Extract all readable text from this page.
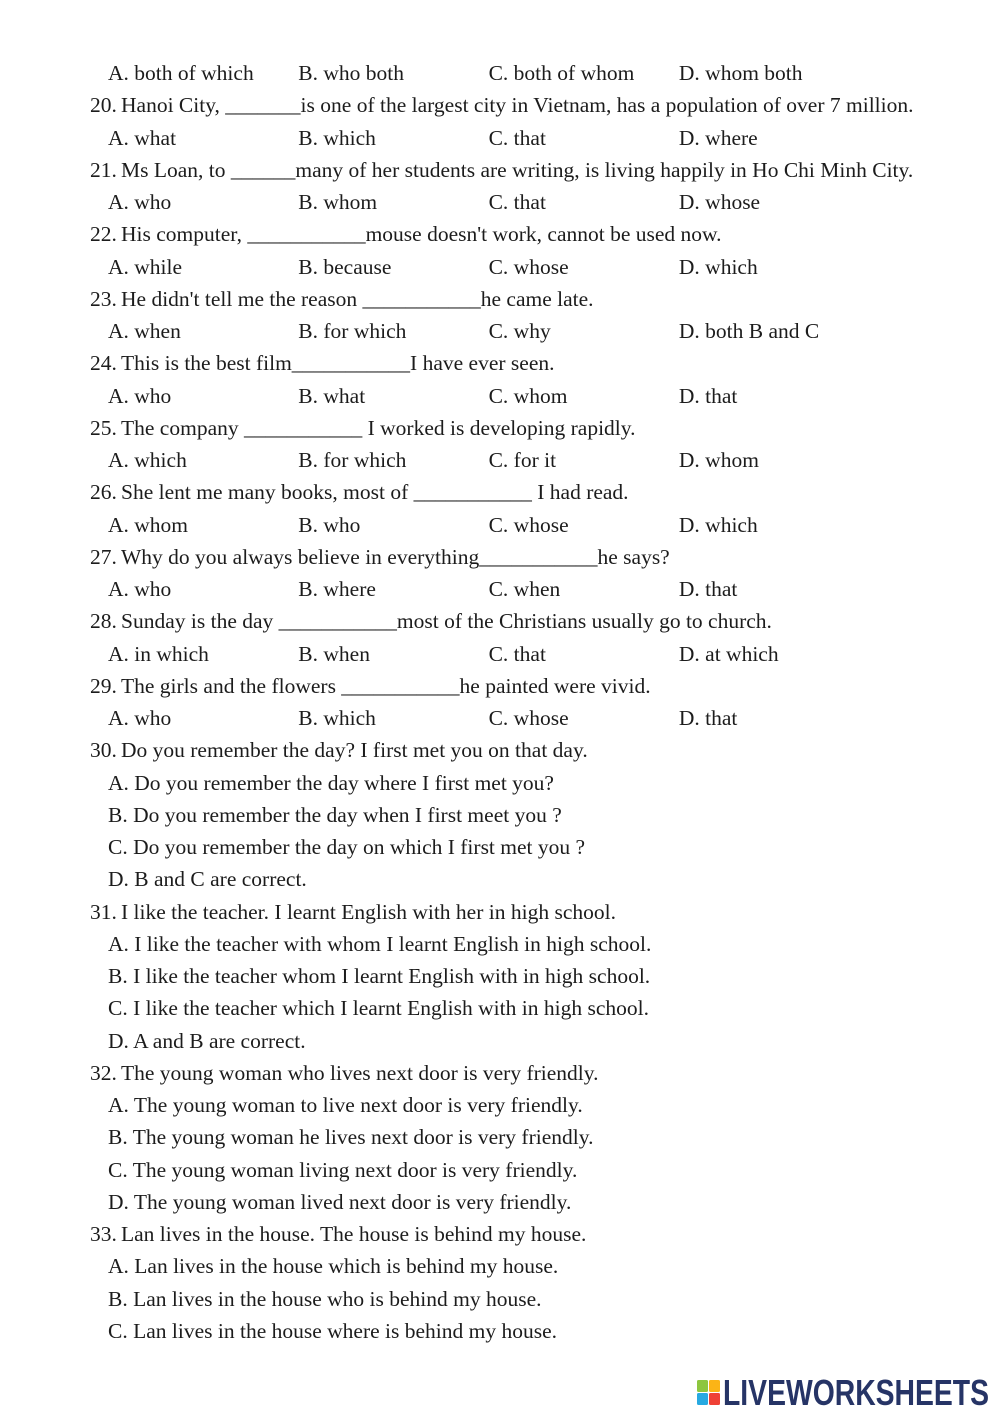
A. both of which	B. who both	C. both of whom	D. whom both
20. Hanoi City, _______is one of the largest city in Vietnam, has a population of over 7 million.
A. what	B. which	C. that	D. where
21. Ms Loan, to ______many of her students are writing, is living happily in Ho Chi Minh City.
A. who	B. whom	C. that	D. whose
22. His computer, ___________mouse doesn't work, cannot be used now.
A. while	B. because	C. whose	D. which
23. He didn't tell me the reason ___________he came late.
A. when	B. for which	C. why	D. both B and C
24. This is the best film___________I have ever seen.
A. who	B. what	C. whom	D. that
25. The company ___________ I worked is developing rapidly.
A. which	B. for which	C. for it	D. whom
26. She lent me many books, most of ___________ I had read.
A. whom	B. who	C. whose	D. which
27. Why do you always believe in everything___________he says?
A. who	B. where	C. when	D. that
28. Sunday is the day ___________most of the Christians usually go to church.
A. in which	B. when	C. that	D. at which
29. The girls and the flowers ___________he painted were vivid.
A. who	B. which	C. whose	D. that
30. Do you remember the day? I first met you on that day.
A. Do you remember the day where I first met you?
B. Do you remember the day when I first meet you ?
C. Do you remember the day on which I first met you ?
D. B and C are correct.
31. I like the teacher. I learnt English with her in high school.
A. I like the teacher with whom I learnt English in high school.
B. I like the teacher whom I learnt English with in high school.
C. I like the teacher which I learnt English with in high school.
D. A and B are correct.
32. The young woman who lives next door is very friendly.
A. The young woman to live next door is very friendly.
B. The young woman he lives next door is very friendly.
C. The young woman living next door is very friendly.
D. The young woman lived next door is very friendly.
33. Lan lives in the house. The house is behind my house.
A. Lan lives in the house which is behind my house.
B. Lan lives in the house who is behind my house.
C. Lan lives in the house where is behind my house.
LIVEWORKSHEETS
